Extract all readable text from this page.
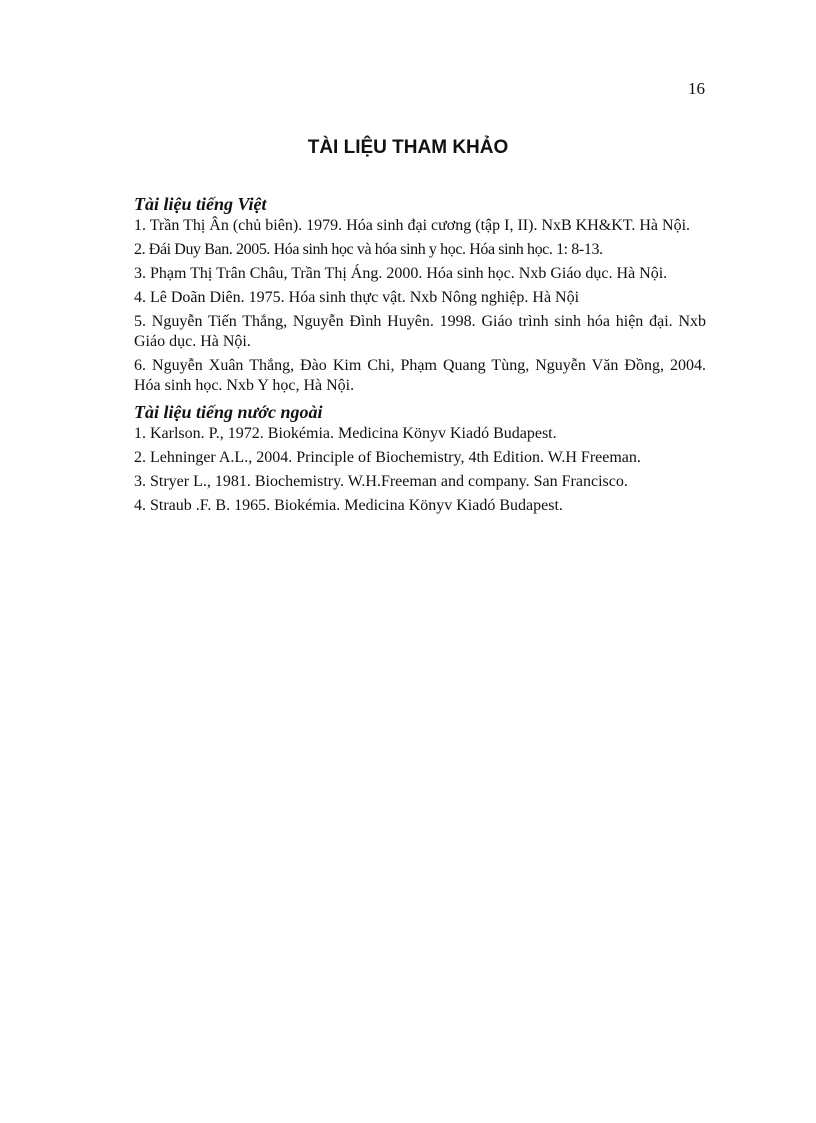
16
TÀI LIỆU THAM KHẢO

Tài liệu tiếng Việt

1. Trần Thị Ân (chủ biên). 1979. Hóa sinh đại cương (tập I, II). NxB KH&KT. Hà Nội.

2. Đái Duy Ban. 2005. Hóa sinh học và hóa sinh y học. Hóa sinh học. 1: 8-13.

3. Phạm Thị Trân Châu, Trần Thị Áng. 2000. Hóa sinh học. Nxb Giáo dục. Hà Nội.

4. Lê Doãn Diên. 1975. Hóa sinh thực vật. Nxb Nông nghiệp. Hà Nội

5. Nguyễn Tiến Thắng, Nguyễn Đình Huyên. 1998. Giáo trình sinh hóa hiện đại. Nxb Giáo dục. Hà Nội.

6. Nguyễn Xuân Thắng, Đào Kim Chi, Phạm Quang Tùng, Nguyễn Văn Đồng, 2004. Hóa sinh học. Nxb Y học, Hà Nội.

Tài liệu tiếng nước ngoài

1. Karlson. P., 1972. Biokémia. Medicina Könyv Kiadó Budapest.

2. Lehninger A.L., 2004. Principle of Biochemistry, 4th Edition. W.H Freeman.

3. Stryer L., 1981. Biochemistry. W.H.Freeman and company. San Francisco.

4. Straub .F. B. 1965. Biokémia. Medicina Könyv Kiadó Budapest.
